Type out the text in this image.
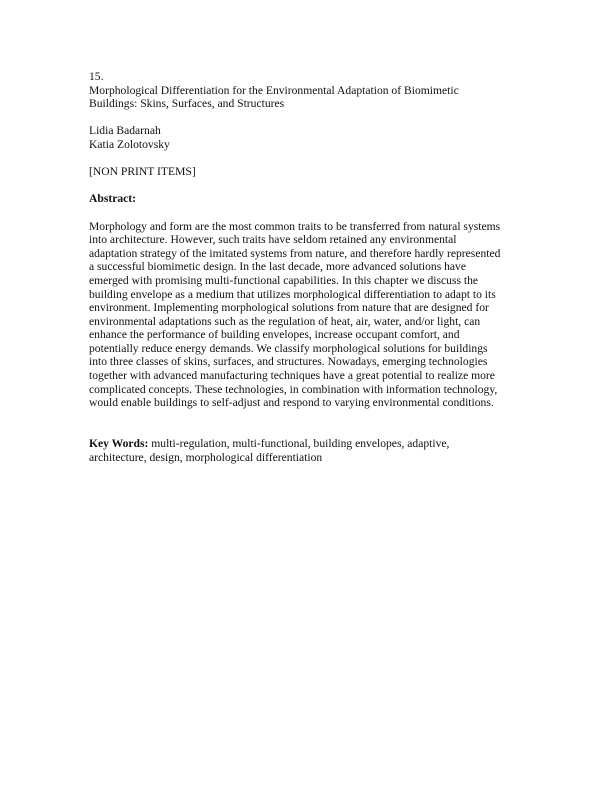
15.

Morphological Differentiation for the Environmental Adaptation of Biomimetic
Buildings: Skins, Surfaces, and Structures

Lidia Badarnah
Katia Zolotovsky

[NON PRINT ITEMS]

Abstract:

Morphology and form are the most common traits to be transferred from natural systems
into architecture. However, such traits have seldom retained any environmental
adaptation strategy of the imitated systems from nature, and therefore hardly represented
a successful biomimetic design. In the last decade, more advanced solutions have
emerged with promising multi-functional capabilities. In this chapter we discuss the
building envelope as a medium that utilizes morphological differentiation to adapt to its
environment. Implementing morphological solutions from nature that are designed for
environmental adaptations such as the regulation of heat, air, water, and/or light, can
enhance the performance of building envelopes, increase occupant comfort, and
potentially reduce energy demands. We classify morphological solutions for buildings
into three classes of skins, surfaces, and structures. Nowadays, emerging technologies
together with advanced manufacturing techniques have a great potential to realize more
complicated concepts. These technologies, in combination with information technology,
would enable buildings to self-adjust and respond to varying environmental conditions.

Key Words: multi-regulation, multi-functional, building envelopes, adaptive,
architecture, design, morphological differentiation
